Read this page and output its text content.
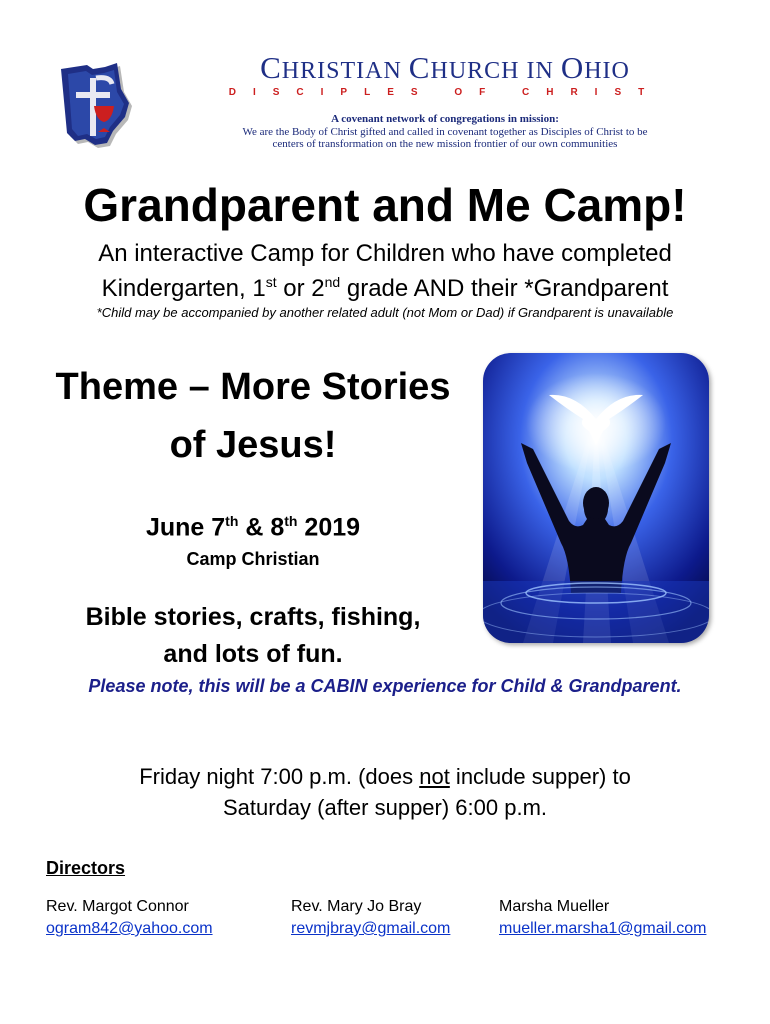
CHRISTIAN CHURCH IN OHIO
DISCIPLES OF CHRIST
A covenant network of congregations in mission:
We are the Body of Christ gifted and called in covenant together as Disciples of Christ to be
centers of transformation on the new mission frontier of our own communities
Grandparent and Me Camp!
An interactive Camp for Children who have completed
Kindergarten, 1st or 2nd grade AND their *Grandparent
*Child may be accompanied by another related adult (not Mom or Dad) if Grandparent is unavailable
Theme – More Stories
of Jesus!
June 7th & 8th 2019
Camp Christian
Bible stories, crafts, fishing,
and lots of fun.
Please note, this will be a CABIN experience for Child & Grandparent.
Friday night 7:00 p.m. (does not include supper) to
Saturday (after supper) 6:00 p.m.
Directors
Rev. Margot Connor
ogram842@yahoo.com
Rev. Mary Jo Bray
revmjbray@gmail.com
Marsha Mueller
mueller.marsha1@gmail.com
